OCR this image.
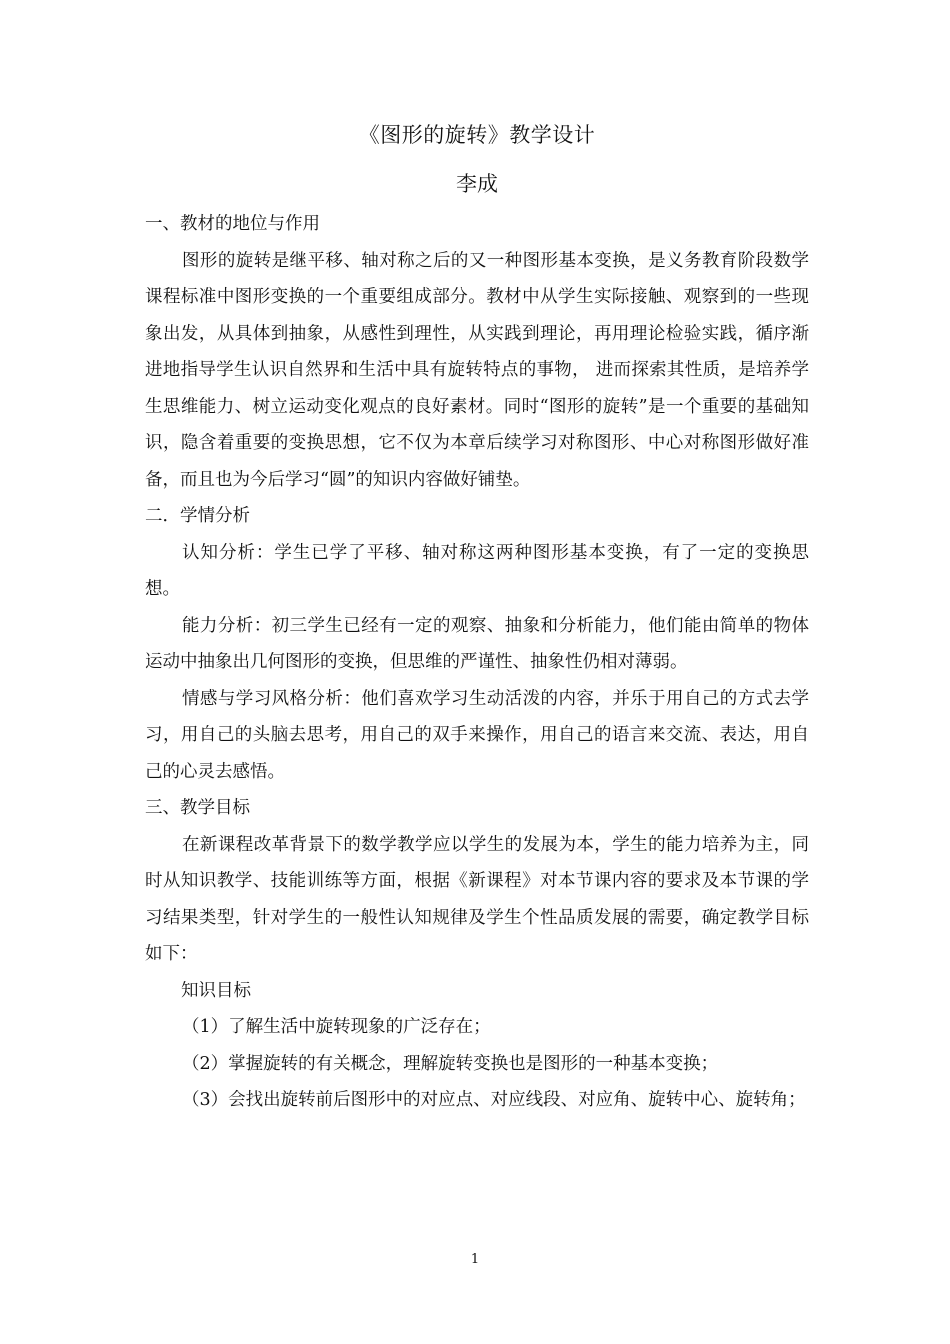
《图形的旋转》教学设计
李成

一、教材的地位与作用

图形的旋转是继平移、轴对称之后的又一种图形基本变换，是义务教育阶段数学课程标准中图形变换的一个重要组成部分。教材中从学生实际接触、观察到的一些现象出发，从具体到抽象，从感性到理性，从实践到理论，再用理论检验实践，循序渐进地指导学生认识自然界和生活中具有旋转特点的事物， 进而探索其性质，是培养学生思维能力、树立运动变化观点的良好素材。同时“图形的旋转”是一个重要的基础知识，隐含着重要的变换思想，它不仅为本章后续学习对称图形、中心对称图形做好准备，而且也为今后学习“圆”的知识内容做好铺垫。

二．学情分析

认知分析：学生已学了平移、轴对称这两种图形基本变换，有了一定的变换思想。

能力分析：初三学生已经有一定的观察、抽象和分析能力，他们能由简单的物体运动中抽象出几何图形的变换，但思维的严谨性、抽象性仍相对薄弱。

情感与学习风格分析：他们喜欢学习生动活泼的内容，并乐于用自己的方式去学习，用自己的头脑去思考，用自己的双手来操作，用自己的语言来交流、表达，用自己的心灵去感悟。

三、教学目标

在新课程改革背景下的数学教学应以学生的发展为本，学生的能力培养为主，同时从知识教学、技能训练等方面，根据《新课程》对本节课内容的要求及本节课的学习结果类型，针对学生的一般性认知规律及学生个性品质发展的需要，确定教学目标如下：

知识目标

（1）了解生活中旋转现象的广泛存在；

（2）掌握旋转的有关概念，理解旋转变换也是图形的一种基本变换；

（3）会找出旋转前后图形中的对应点、对应线段、对应角、旋转中心、旋转角；

1
